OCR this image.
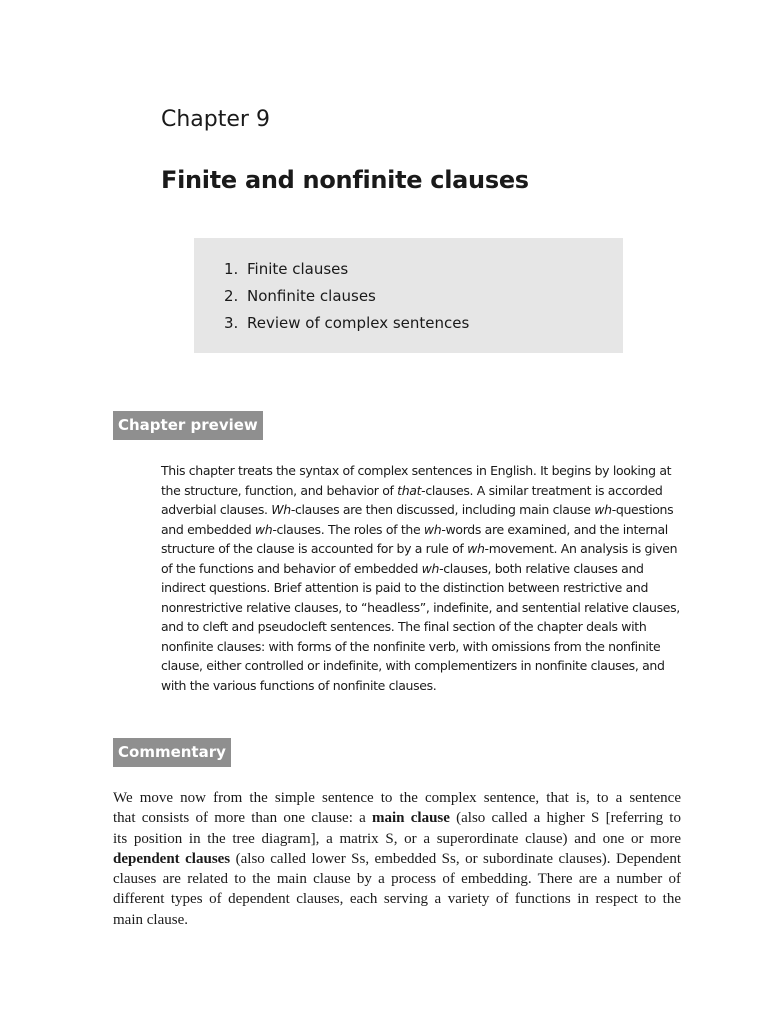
Chapter 9
Finite and nonfinite clauses
1. Finite clauses
2. Nonfinite clauses
3. Review of complex sentences
Chapter preview

This chapter treats the syntax of complex sentences in English. It begins by looking at
the structure, function, and behavior of that-clauses. A similar treatment is accorded
adverbial clauses. Wh-clauses are then discussed, including main clause wh-questions
and embedded wh-clauses. The roles of the wh-words are examined, and the internal
structure of the clause is accounted for by a rule of wh-movement. An analysis is given
of the functions and behavior of embedded wh-clauses, both relative clauses and
indirect questions. Brief attention is paid to the distinction between restrictive and
nonrestrictive relative clauses, to “headless”, indefinite, and sentential relative clauses,
and to cleft and pseudocleft sentences. The final section of the chapter deals with
nonfinite clauses: with forms of the nonfinite verb, with omissions from the nonfinite
clause, either controlled or indefinite, with complementizers in nonfinite clauses, and
with the various functions of nonfinite clauses.

Commentary

We move now from the simple sentence to the complex sentence, that is, to a sentence
that consists of more than one clause: a main clause (also called a higher S [referring to
its position in the tree diagram], a matrix S, or a superordinate clause) and one or more
dependent clauses (also called lower Ss, embedded Ss, or subordinate clauses). Dependent
clauses are related to the main clause by a process of embedding. There are a number of
different types of dependent clauses, each serving a variety of functions in respect to the
main clause.
